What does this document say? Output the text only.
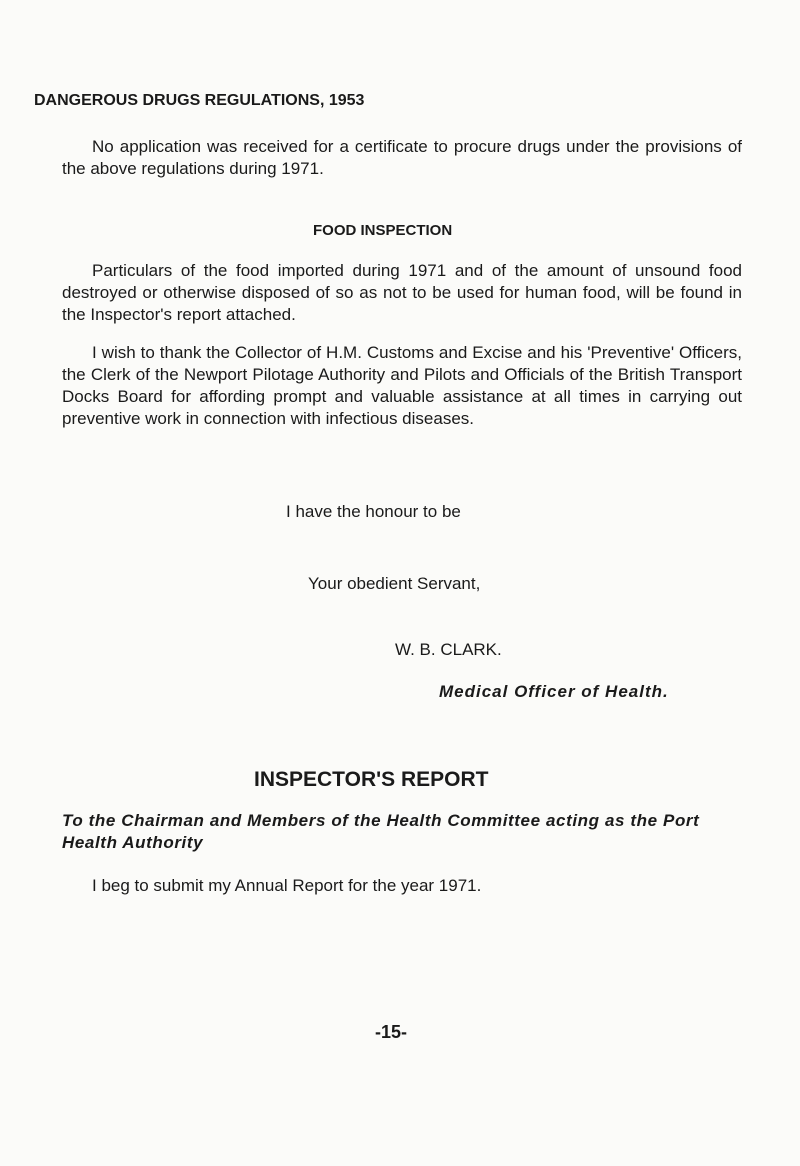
DANGEROUS DRUGS REGULATIONS, 1953
No application was received for a certificate to procure drugs under the provisions of the above regulations during 1971.
FOOD INSPECTION
Particulars of the food imported during 1971 and of the amount of unsound food destroyed or otherwise disposed of so as not to be used for human food, will be found in the Inspector's report attached.
I wish to thank the Collector of H.M. Customs and Excise and his 'Preventive' Officers, the Clerk of the Newport Pilotage Authority and Pilots and Officials of the British Transport Docks Board for affording prompt and valuable assistance at all times in carrying out preventive work in connection with infectious diseases.
I have the honour to be
Your obedient Servant,
W. B. CLARK.
Medical Officer of Health.
INSPECTOR'S REPORT
To the Chairman and Members of the Health Committee acting as the Port Health Authority
I beg to submit my Annual Report for the year 1971.
-15-
